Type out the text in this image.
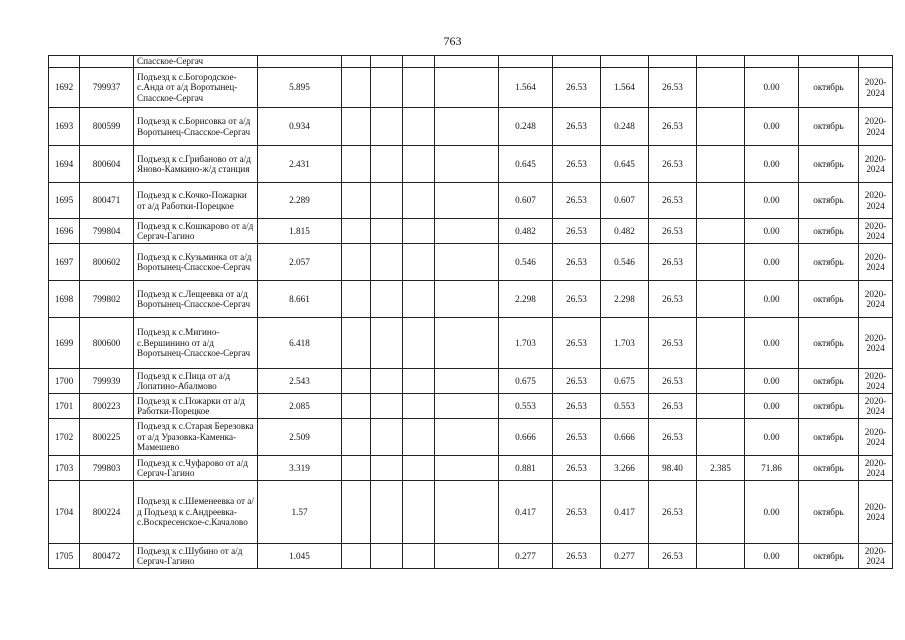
763
		Спасское-Сергач													
1692	799937	Подъезд к с.Богородское-с.Анда от а/д Воротынец-Спасское-Сергач	5.895					1.564	26.53	1.564	26.53		0.00	октябрь	2020-2024
1693	800599	Подъезд к с.Борисовка от а/д Воротынец-Спасское-Сергач	0.934					0.248	26.53	0.248	26.53		0.00	октябрь	2020-2024
1694	800604	Подъезд к с.Грибаново от а/д Яново-Камкино-ж/д станция	2.431					0.645	26.53	0.645	26.53		0.00	октябрь	2020-2024
1695	800471	Подъезд к с.Кочко-Пожарки от а/д Работки-Порецкое	2.289					0.607	26.53	0.607	26.53		0.00	октябрь	2020-2024
1696	799804	Подъезд к с.Кошкарово от а/д Сергач-Гагино	1.815					0.482	26.53	0.482	26.53		0.00	октябрь	2020-2024
1697	800602	Подъезд к с.Кузьминка от а/д Воротынец-Спасское-Сергач	2.057					0.546	26.53	0.546	26.53		0.00	октябрь	2020-2024
1698	799802	Подъезд к с.Лещеевка от а/д Воротынец-Спасское-Сергач	8.661					2.298	26.53	2.298	26.53		0.00	октябрь	2020-2024
1699	800600	Подъезд к с.Мигино-с.Вершинино от а/д Воротынец-Спасское-Сергач	6.418					1.703	26.53	1.703	26.53		0.00	октябрь	2020-2024
1700	799939	Подъезд к с.Пица от а/д Лопатино-Абалмово	2.543					0.675	26.53	0.675	26.53		0.00	октябрь	2020-2024
1701	800223	Подъезд к с.Пожарки от а/д Работки-Порецкое	2.085					0.553	26.53	0.553	26.53		0.00	октябрь	2020-2024
1702	800225	Подъезд к с.Старая Березовка от а/д Уразовка-Каменка-Мамешево	2.509					0.666	26.53	0.666	26.53		0.00	октябрь	2020-2024
1703	799803	Подъезд к с.Чуфарово от а/д Сергач-Гагино	3.319					0.881	26.53	3.266	98.40	2.385	71.86	октябрь	2020-2024
1704	800224	Подъезд к с.Шеменеевка от а/д Подъезд к с.Андреевка-с.Воскресенское-с.Качалово	1.57					0.417	26.53	0.417	26.53		0.00	октябрь	2020-2024
1705	800472	Подъезд к с.Шубино от а/д Сергач-Гагино	1.045					0.277	26.53	0.277	26.53		0.00	октябрь	2020-2024
